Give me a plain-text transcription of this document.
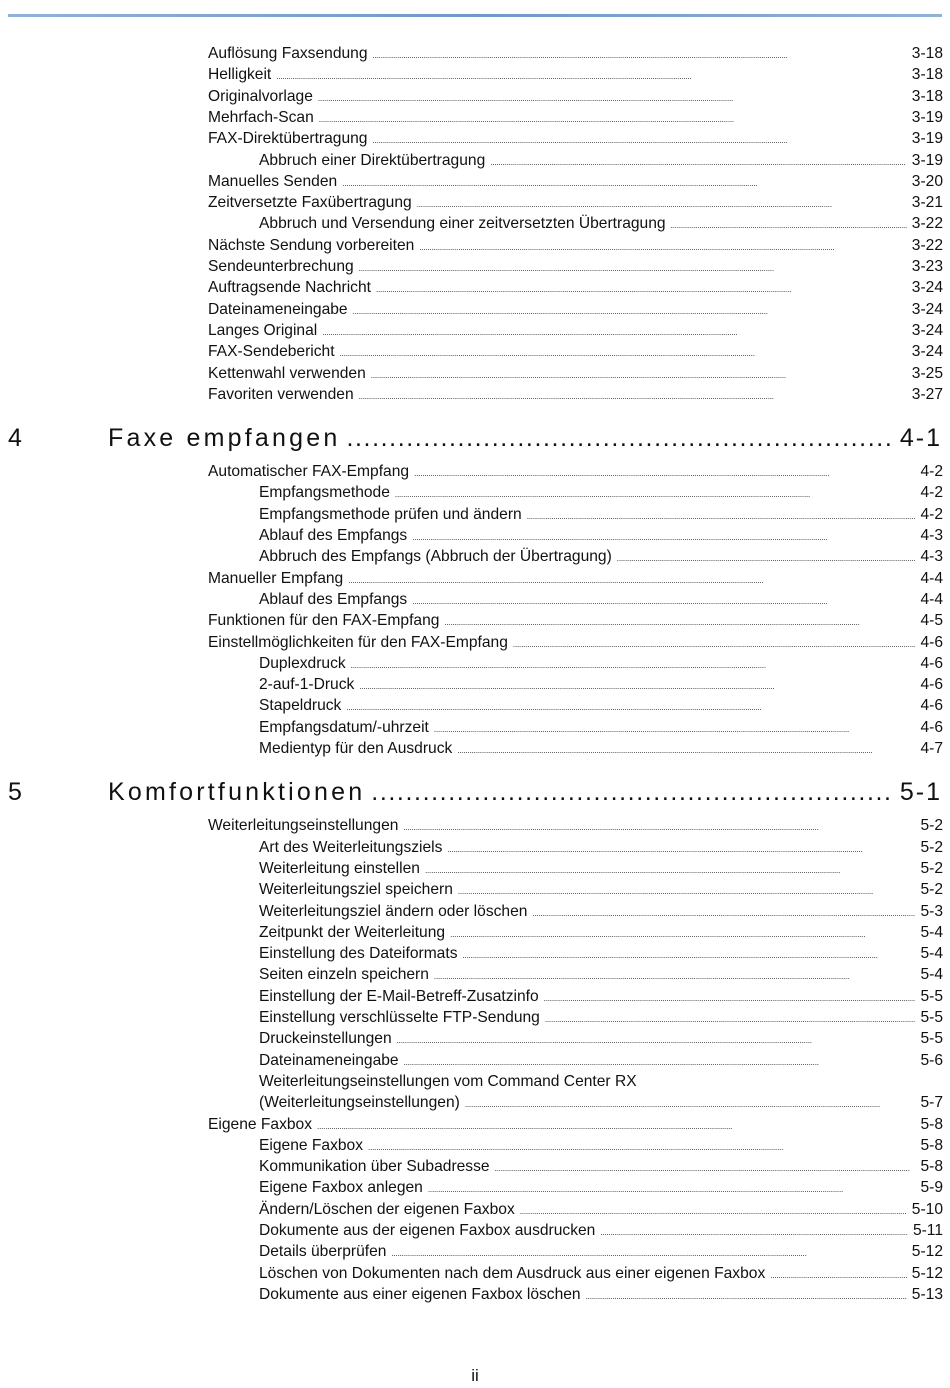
Auflösung Faxsendung . . .	3-18
Helligkeit . . .	3-18
Originalvorlage . . .	3-18
Mehrfach-Scan . . .	3-19
FAX-Direktübertragung . . .	3-19
Abbruch einer Direktübertragung . . .	3-19
Manuelles Senden . . .	3-20
Zeitversetzte Faxübertragung . . .	3-21
Abbruch und Versendung einer zeitversetzten Übertragung . . .	3-22
Nächste Sendung vorbereiten . . .	3-22
Sendeunterbrechung . . .	3-23
Auftragsende Nachricht . . .	3-24
Dateinameneingabe . . .	3-24
Langes Original . . .	3-24
FAX-Sendebericht . . .	3-24
Kettenwahl verwenden . . .	3-25
Favoriten verwenden . . .	3-27
4	Faxe empfangen .....	4-1
Automatischer FAX-Empfang . . .	4-2
Empfangsmethode . . .	4-2
Empfangsmethode prüfen und ändern . . .	4-2
Ablauf des Empfangs . . .	4-3
Abbruch des Empfangs (Abbruch der Übertragung) . . .	4-3
Manueller Empfang . . .	4-4
Ablauf des Empfangs . . .	4-4
Funktionen für den FAX-Empfang . . .	4-5
Einstellmöglichkeiten für den FAX-Empfang . . .	4-6
Duplexdruck . . .	4-6
2-auf-1-Druck . . .	4-6
Stapeldruck . . .	4-6
Empfangsdatum/-uhrzeit . . .	4-6
Medientyp für den Ausdruck . . .	4-7
5	Komfortfunktionen .....	5-1
Weiterleitungseinstellungen . . .	5-2
Art des Weiterleitungsziels . . .	5-2
Weiterleitung einstellen . . .	5-2
Weiterleitungsziel speichern . . .	5-2
Weiterleitungsziel ändern oder löschen . . .	5-3
Zeitpunkt der Weiterleitung . . .	5-4
Einstellung des Dateiformats . . .	5-4
Seiten einzeln speichern . . .	5-4
Einstellung der E-Mail-Betreff-Zusatzinfo . . .	5-5
Einstellung verschlüsselte FTP-Sendung . . .	5-5
Druckeinstellungen . . .	5-5
Dateinameneingabe . . .	5-6
Weiterleitungseinstellungen vom Command Center RX
(Weiterleitungseinstellungen) . . .	5-7
Eigene Faxbox . . .	5-8
Eigene Faxbox . . .	5-8
Kommunikation über Subadresse . . .	5-8
Eigene Faxbox anlegen . . .	5-9
Ändern/Löschen der eigenen Faxbox . . .	5-10
Dokumente aus der eigenen Faxbox ausdrucken . . .	5-11
Details überprüfen . . .	5-12
Löschen von Dokumenten nach dem Ausdruck aus einer eigenen Faxbox . . .	5-12
Dokumente aus einer eigenen Faxbox löschen . . .	5-13
ii
